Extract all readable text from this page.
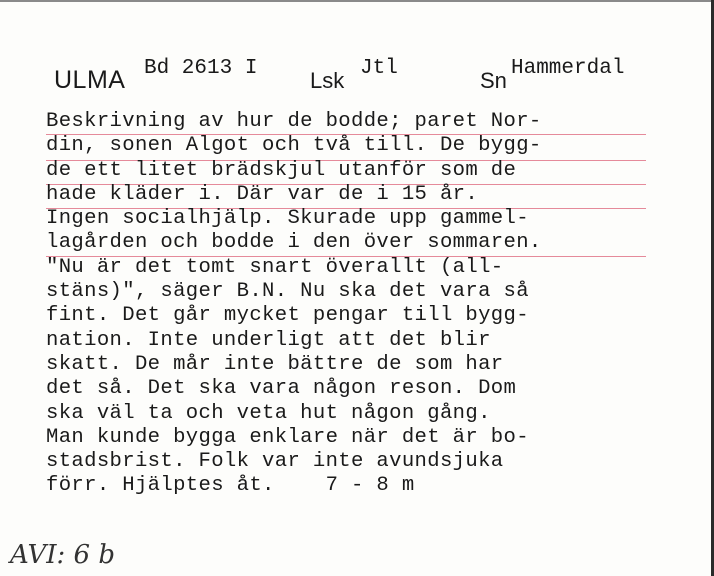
ULMA Bd 2613 I Lsk Jtl	Sn Hammerdal
Beskrivning av hur de bodde; paret Nor-
din, sonen Algot och två till. De bygg-
de ett litet brädskjul utanför som de
hade kläder i. Där var de i 15 år.
Ingen socialhjälp. Skurade upp gammel-
lagården och bodde i den över sommaren.
"Nu är det tomt snart överallt (all-
stäns)", säger B.N. Nu ska det vara så
fint. Det går mycket pengar till bygg-
nation. Inte underligt att det blir
skatt. De mår inte bättre de som har
det så. Det ska vara någon reson. Dom
ska väl ta och veta hut någon gång.
Man kunde bygga enklare när det är bo-
stadsbrist. Folk var inte avundsjuka
förr. Hjälptes åt.    7 - 8 m
AVI: 6 b
